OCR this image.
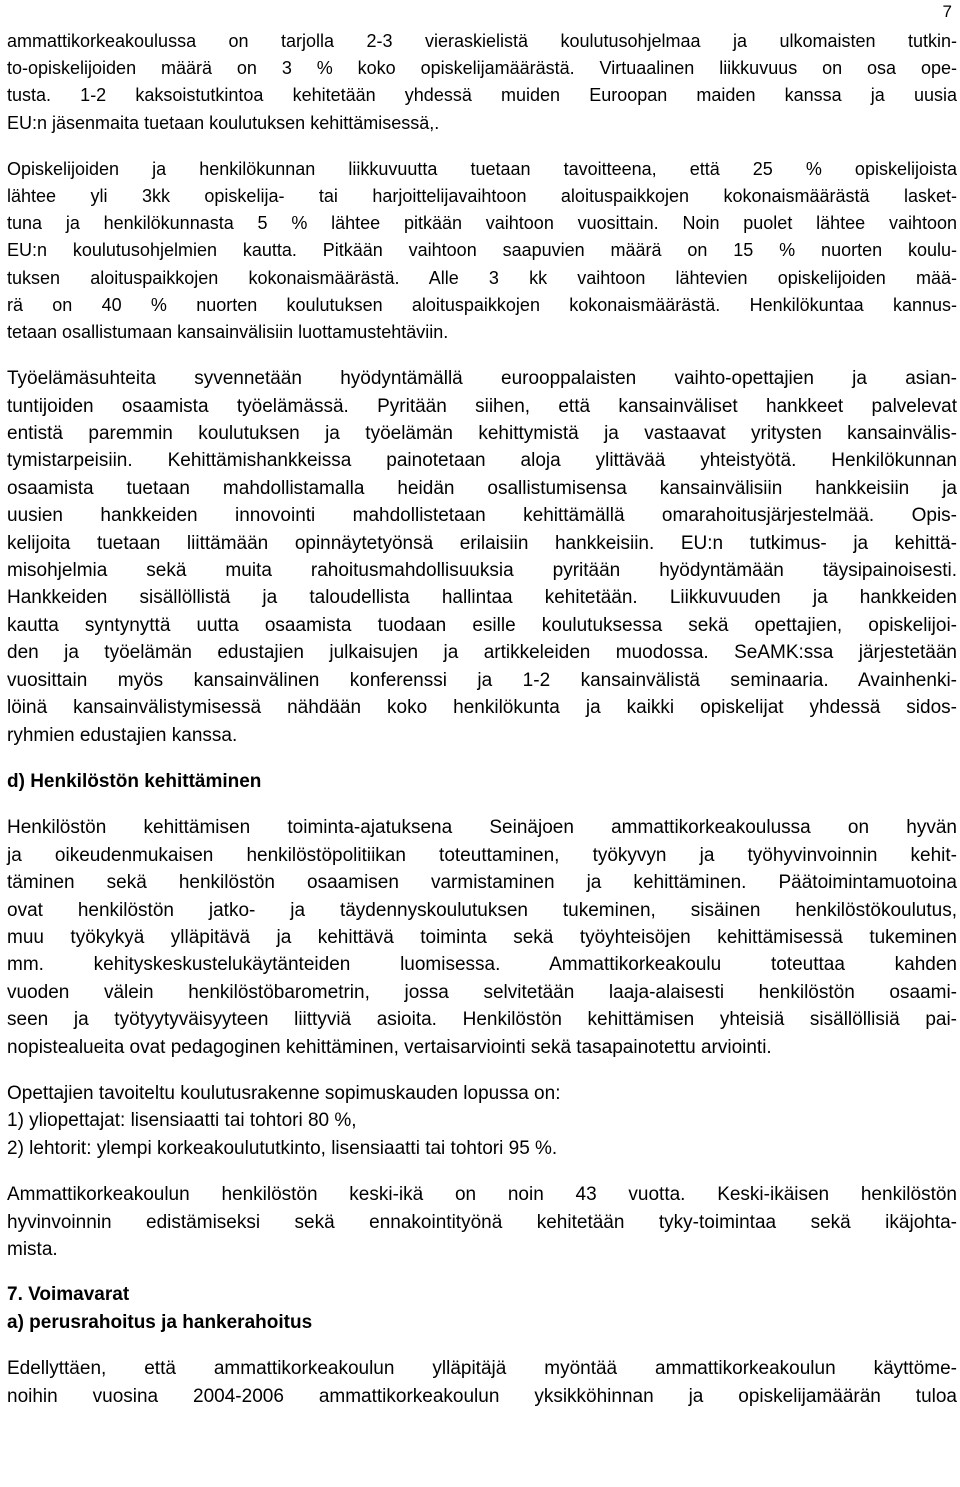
7
ammattikorkeakoulussa on tarjolla 2-3 vieraskielistä koulutusohjelmaa ja ulkomaisten tutkin-
to-opiskelijoiden määrä on 3 % koko opiskelijamäärästä. Virtuaalinen liikkuvuus on osa ope-
tusta. 1-2 kaksoistutkintoa kehitetään yhdessä muiden Euroopan maiden kanssa ja uusia
EU:n jäsenmaita tuetaan koulutuksen kehittämisessä,.
Opiskelijoiden ja henkilökunnan liikkuvuutta tuetaan tavoitteena, että 25 % opiskelijoista
lähtee yli 3kk opiskelija- tai harjoittelijavaihtoon aloituspaikkojen kokonaismäärästä lasket-
tuna ja henkilökunnasta 5 % lähtee pitkään vaihtoon vuosittain. Noin puolet lähtee vaihtoon
EU:n koulutusohjelmien kautta. Pitkään vaihtoon saapuvien määrä on 15 % nuorten koulu-
tuksen aloituspaikkojen kokonaismäärästä. Alle 3 kk vaihtoon lähtevien opiskelijoiden mää-
rä on 40 % nuorten koulutuksen aloituspaikkojen kokonaismäärästä. Henkilökuntaa kannus-
tetaan osallistumaan kansainvälisiin luottamustehtäviin.
Työelämäsuhteita syvennetään hyödyntämällä eurooppalaisten vaihto-opettajien ja asian-
tuntijoiden osaamista työelämässä. Pyritään siihen, että kansainväliset hankkeet palvelevat
entistä paremmin koulutuksen ja työelämän kehittymistä ja vastaavat yritysten kansainvälis-
tymistarpeisiin. Kehittämishankkeissa painotetaan aloja ylittävää yhteistyötä. Henkilökunnan
osaamista tuetaan mahdollistamalla heidän osallistumisensa kansainvälisiin hankkeisiin ja
uusien hankkeiden innovointi mahdollistetaan kehittämällä omarahoitusjärjestelmää. Opis-
kelijoita tuetaan liittämään opinnäytetyönsä erilaisiin hankkeisiin. EU:n tutkimus- ja kehittä-
misohjelmia sekä muita rahoitusmahdollisuuksia pyritään hyödyntämään täysipainoisesti.
Hankkeiden sisällöllistä ja taloudellista hallintaa kehitetään. Liikkuvuuden ja hankkeiden
kautta syntynyttä uutta osaamista tuodaan esille koulutuksessa sekä opettajien, opiskelijoi-
den ja työelämän edustajien julkaisujen ja artikkeleiden muodossa. SeAMK:ssa järjestetään
vuosittain myös kansainvälinen konferenssi ja 1-2 kansainvälistä seminaaria. Avainhenki-
löinä kansainvälistymisessä nähdään koko henkilökunta ja kaikki opiskelijat yhdessä sidos-
ryhmien edustajien kanssa.
d) Henkilöstön kehittäminen
Henkilöstön kehittämisen toiminta-ajatuksena Seinäjoen ammattikorkeakoulussa on hyvän
ja oikeudenmukaisen henkilöstöpolitiikan toteuttaminen, työkyvyn ja työhyvinvoinnin kehit-
täminen sekä henkilöstön osaamisen varmistaminen ja kehittäminen. Päätoimintamuotoina
ovat henkilöstön jatko- ja täydennyskoulutuksen tukeminen, sisäinen henkilöstökoulutus,
muu työkykyä ylläpitävä ja kehittävä toiminta sekä työyhteisöjen kehittämisessä tukeminen
mm. kehityskeskustelukäytänteiden luomisessa. Ammattikorkeakoulu toteuttaa kahden
vuoden välein henkilöstöbarometrin, jossa selvitetään laaja-alaisesti henkilöstön osaami-
seen ja työtyytyväisyyteen liittyviä asioita. Henkilöstön kehittämisen yhteisiä sisällöllisiä pai-
nopistealueita ovat pedagoginen kehittäminen, vertaisarviointi sekä tasapainotettu arviointi.
Opettajien tavoiteltu koulutusrakenne sopimuskauden lopussa on:
1) yliopettajat: lisensiaatti tai tohtori 80 %,
2) lehtorit: ylempi korkeakoulututkinto, lisensiaatti tai tohtori 95 %.
Ammattikorkeakoulun henkilöstön keski-ikä on noin 43 vuotta. Keski-ikäisen henkilöstön
hyvinvoinnin edistämiseksi sekä ennakointityönä kehitetään tyky-toimintaa sekä ikäjohta-
mista.
7. Voimavarat
a) perusrahoitus ja hankerahoitus
Edellyttäen, että ammattikorkeakoulun ylläpitäjä myöntää ammattikorkeakoulun käyttöme-
noihin vuosina 2004-2006 ammattikorkeakoulun yksikköhinnan ja opiskelijamäärän tuloa
